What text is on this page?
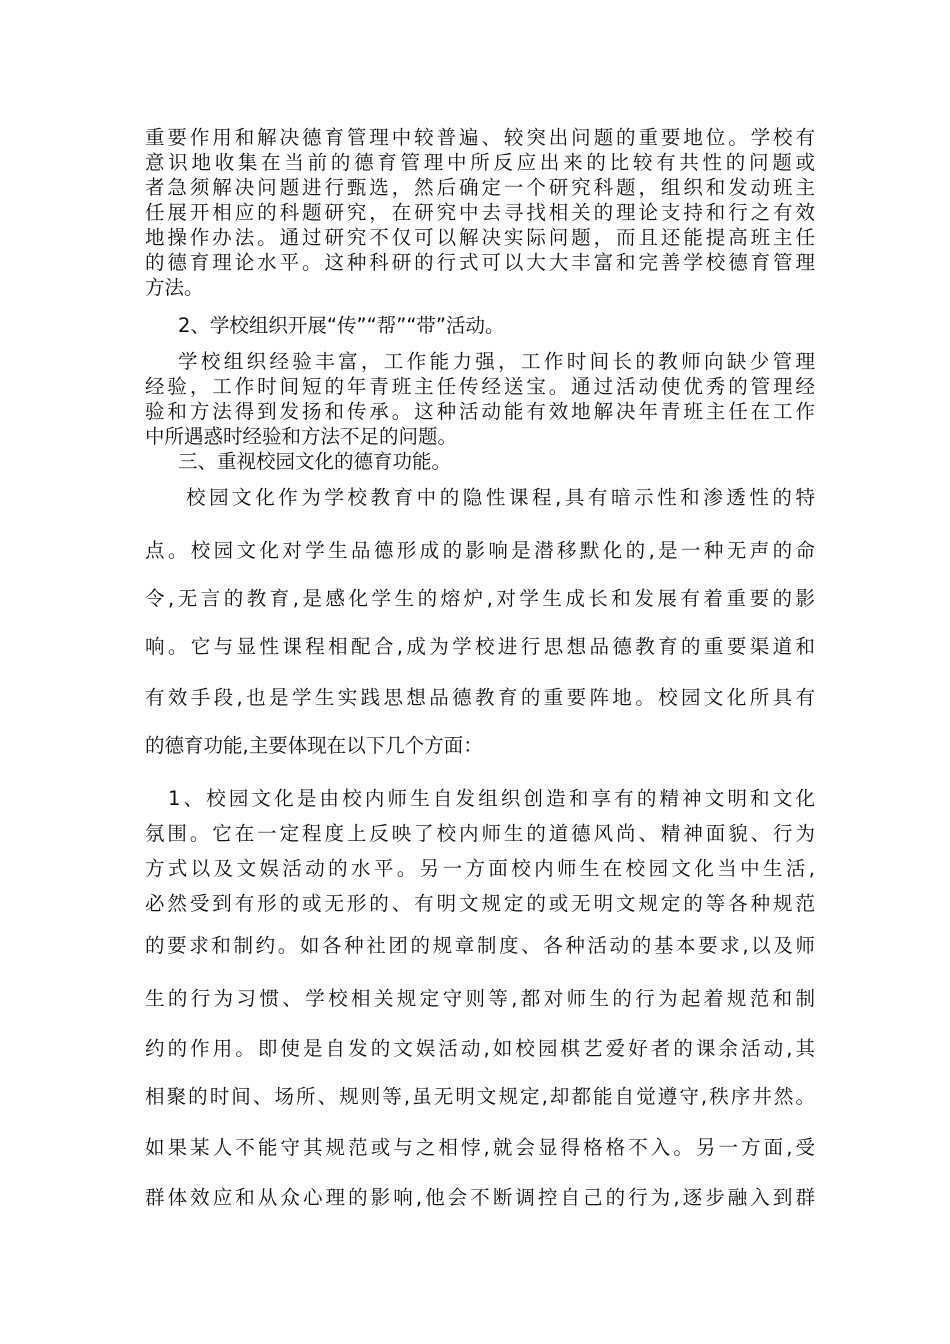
重要作用和解决德育管理中较普遍、较突出问题的重要地位。学校有
意识地收集在当前的德育管理中所反应出来的比较有共性的问题或
者急须解决问题进行甄选，然后确定一个研究科题，组织和发动班主
任展开相应的科题研究，在研究中去寻找相关的理论支持和行之有效
地操作办法。通过研究不仅可以解决实际问题，而且还能提高班主任
的德育理论水平。这种科研的行式可以大大丰富和完善学校德育管理
方法。
2、学校组织开展“传”“帮”“带”活动。
学校组织经验丰富，工作能力强，工作时间长的教师向缺少管理
经验，工作时间短的年青班主任传经送宝。通过活动使优秀的管理经
验和方法得到发扬和传承。这种活动能有效地解决年青班主任在工作
中所遇惑时经验和方法不足的问题。
三、重视校园文化的德育功能。
校园文化作为学校教育中的隐性课程,具有暗示性和渗透性的特
点。校园文化对学生品德形成的影响是潜移默化的,是一种无声的命
令,无言的教育,是感化学生的熔炉,对学生成长和发展有着重要的影
响。它与显性课程相配合,成为学校进行思想品德教育的重要渠道和
有效手段,也是学生实践思想品德教育的重要阵地。校园文化所具有
的德育功能,主要体现在以下几个方面：
1、校园文化是由校内师生自发组织创造和享有的精神文明和文化
氛围。它在一定程度上反映了校内师生的道德风尚、精神面貌、行为
方式以及文娱活动的水平。另一方面校内师生在校园文化当中生活,
必然受到有形的或无形的、有明文规定的或无明文规定的等各种规范
的要求和制约。如各种社团的规章制度、各种活动的基本要求,以及师
生的行为习惯、学校相关规定守则等,都对师生的行为起着规范和制
约的作用。即使是自发的文娱活动,如校园棋艺爱好者的课余活动,其
相聚的时间、场所、规则等,虽无明文规定,却都能自觉遵守,秩序井然。
如果某人不能守其规范或与之相悖,就会显得格格不入。另一方面,受
群体效应和从众心理的影响,他会不断调控自己的行为,逐步融入到群
